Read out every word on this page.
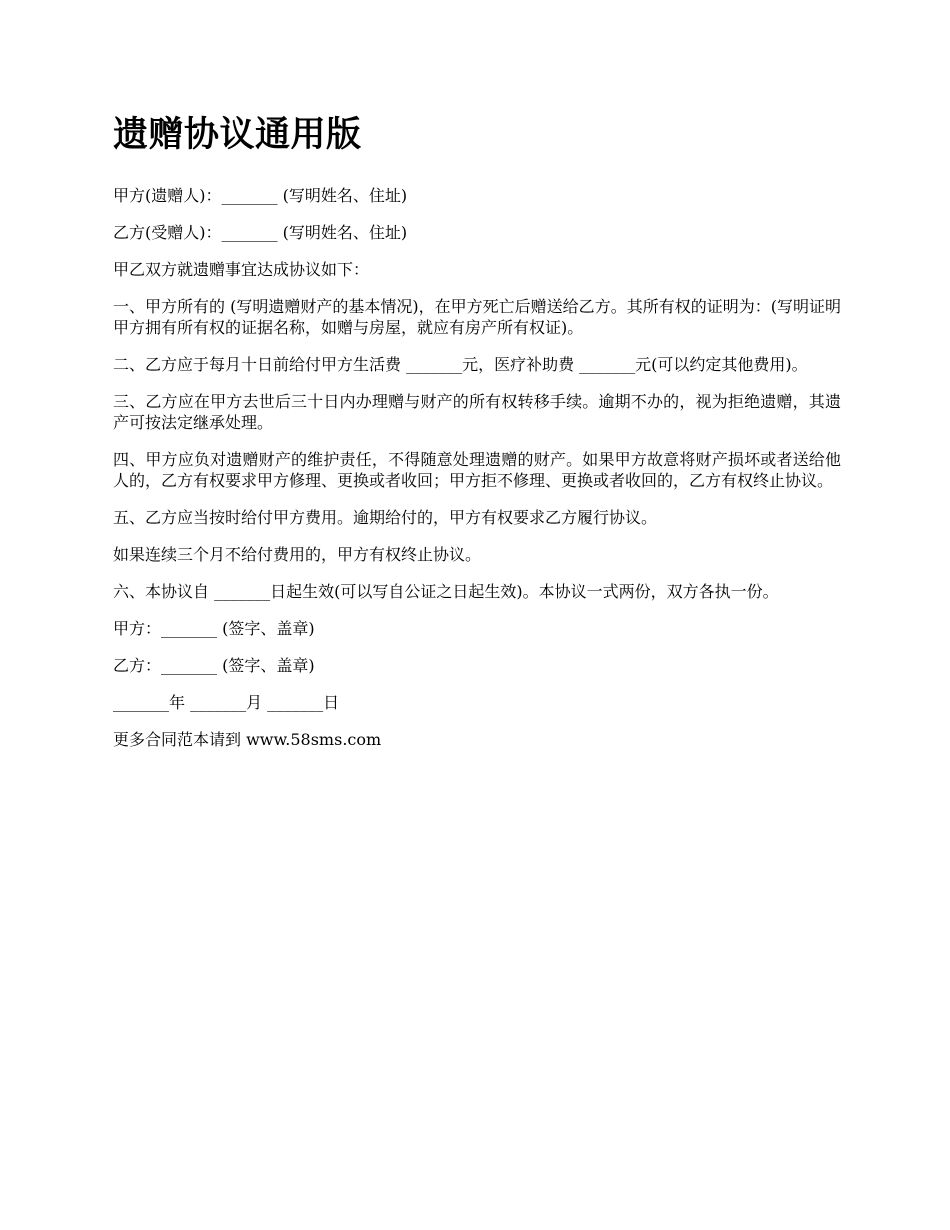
遗赠协议通用版

甲方(遗赠人)：_______ (写明姓名、住址)

乙方(受赠人)：_______ (写明姓名、住址)

甲乙双方就遗赠事宜达成协议如下：

一、甲方所有的 (写明遗赠财产的基本情况)，在甲方死亡后赠送给乙方。其所有权的证明为：(写明证明甲方拥有所有权的证据名称，如赠与房屋，就应有房产所有权证)。

二、乙方应于每月十日前给付甲方生活费 _______元，医疗补助费 _______元(可以约定其他费用)。

三、乙方应在甲方去世后三十日内办理赠与财产的所有权转移手续。逾期不办的，视为拒绝遗赠，其遗产可按法定继承处理。

四、甲方应负对遗赠财产的维护责任，不得随意处理遗赠的财产。如果甲方故意将财产损坏或者送给他人的，乙方有权要求甲方修理、更换或者收回；甲方拒不修理、更换或者收回的，乙方有权终止协议。

五、乙方应当按时给付甲方费用。逾期给付的，甲方有权要求乙方履行协议。

如果连续三个月不给付费用的，甲方有权终止协议。

六、本协议自 _______日起生效(可以写自公证之日起生效)。本协议一式两份，双方各执一份。

甲方：_______ (签字、盖章)

乙方：_______ (签字、盖章)

_______年 _______月 _______日

更多合同范本请到 www.58sms.com
